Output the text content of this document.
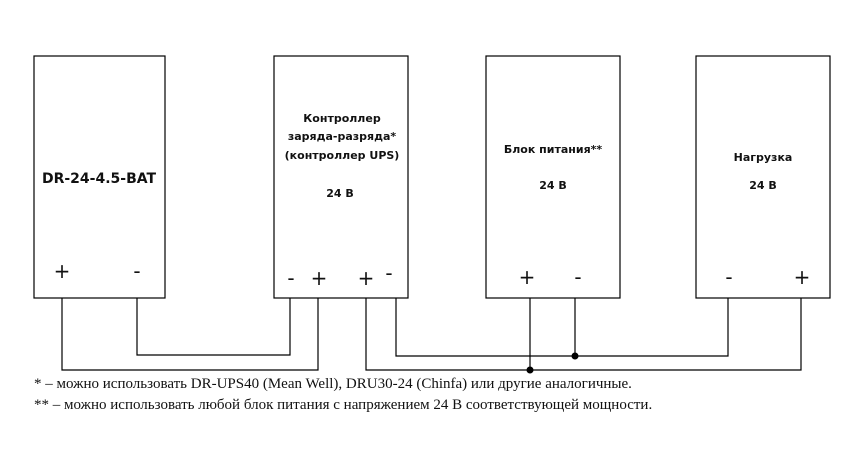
DR-24-4.5-BAT
+	-
Контроллер
заряда-разряда*
(контроллер UPS)
24 В
- + + -
Блок питания**
24 В
+ -
Нагрузка
24 В
-	+
* – можно использовать DR-UPS40 (Mean Well), DRU30-24 (Chinfa) или другие аналогичные.
** – можно использовать любой блок питания с напряжением 24 В соответствующей мощности.
